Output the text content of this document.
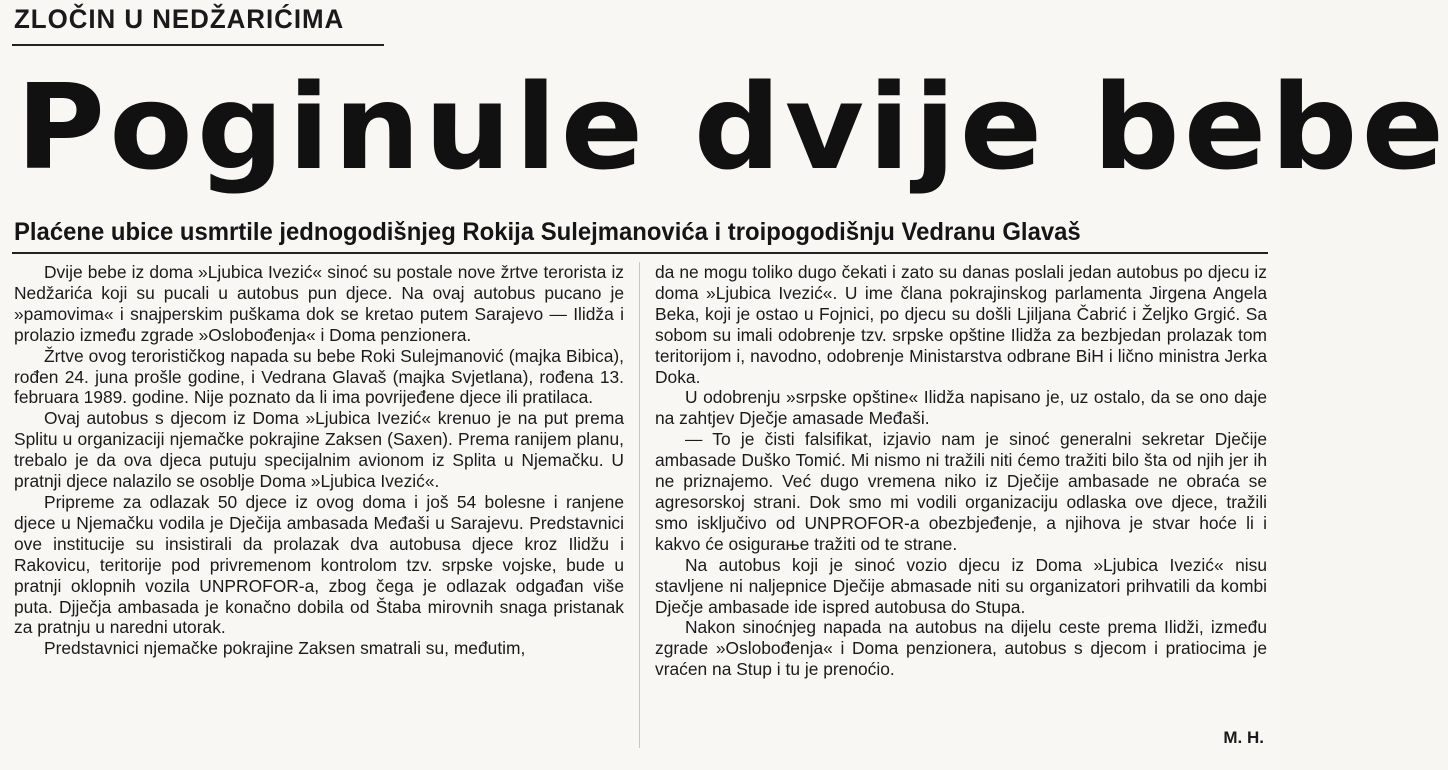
ZLOČIN U NEDŽARIĆIMA
Poginule dvije bebe
Plaćene ubice usmrtile jednogodišnjeg Rokija Sulejmanovića i troipogodišnju Vedranu Glavaš

Dvije bebe iz doma »Ljubica Ivezić« sinoć su postale nove žrtve terorista iz Nedžarića koji su pucali u autobus pun djece. Na ovaj autobus pucano je »pamovima« i snajperskim puškama dok se kretao putem Sarajevo — Ilidža i prolazio između zgrade »Oslobođenja« i Doma penzionera.

Žrtve ovog terorističkog napada su bebe Roki Sulejmanović (majka Bibica), rođen 24. juna prošle godine, i Vedrana Glavaš (majka Svjetlana), rođena 13. februara 1989. godine. Nije poznato da li ima povrijeđene djece ili pratilaca.

Ovaj autobus s djecom iz Doma »Ljubica Ivezić« krenuo je na put prema Splitu u organizaciji njemačke pokrajine Zaksen (Saxen). Prema ranijem planu, trebalo je da ova djeca putuju specijalnim avionom iz Splita u Njemačku. U pratnji djece nalazilo se osoblje Doma »Ljubica Ivezić«.

Pripreme za odlazak 50 djece iz ovog doma i još 54 bolesne i ranjene djece u Njemačku vodila je Dječija ambasada Međaši u Sarajevu. Predstavnici ove institucije su insistirali da prolazak dva autobusa djece kroz Ilidžu i Rakovicu, teritorije pod privremenom kontrolom tzv. srpske vojske, bude u pratnji oklopnih vozila UNPROFOR-a, zbog čega je odlazak odgađan više puta. Djječja ambasada je konačno dobila od Štaba mirovnih snaga pristanak za pratnju u naredni utorak.

Predstavnici njemačke pokrajine Zaksen smatrali su, međutim,

da ne mogu toliko dugo čekati i zato su danas poslali jedan autobus po djecu iz doma »Ljubica Ivezić«. U ime člana pokrajinskog parlamenta Jirgena Angela Beka, koji je ostao u Fojnici, po djecu su došli Ljiljana Čabrić i Željko Grgić. Sa sobom su imali odobrenje tzv. srpske opštine Ilidža za bezbjedan prolazak tom teritorijom i, navodno, odobrenje Ministarstva odbrane BiH i lično ministra Jerka Doka.

U odobrenju »srpske opštine« Ilidža napisano je, uz ostalo, da se ono daje na zahtjev Dječje amasade Međaši.

— To je čisti falsifikat, izjavio nam je sinoć generalni sekretar Dječije ambasade Duško Tomić. Mi nismo ni tražili niti ćemo tražiti bilo šta od njih jer ih ne priznajemo. Već dugo vremena niko iz Dječije ambasade ne obraća se agresorskoj strani. Dok smo mi vodili organizaciju odlaska ove djece, tražili smo isključivo od UNPROFOR-a obezbjeđenje, a njihova je stvar hoće li i kakvo će osigurање tražiti od te strane.

Na autobus koji je sinoć vozio djecu iz Doma »Ljubica Ivezić« nisu stavljene ni naljepnice Dječije abmasade niti su organizatori prihvatili da kombi Dječje ambasade ide ispred autobusa do Stupa.

Nakon sinoćnjeg napada na autobus na dijelu ceste prema Ilidži, između zgrade »Oslobođenja« i Doma penzionera, autobus s djecom i pratiocima je vraćen na Stup i tu je prenoćio.

M. H.
